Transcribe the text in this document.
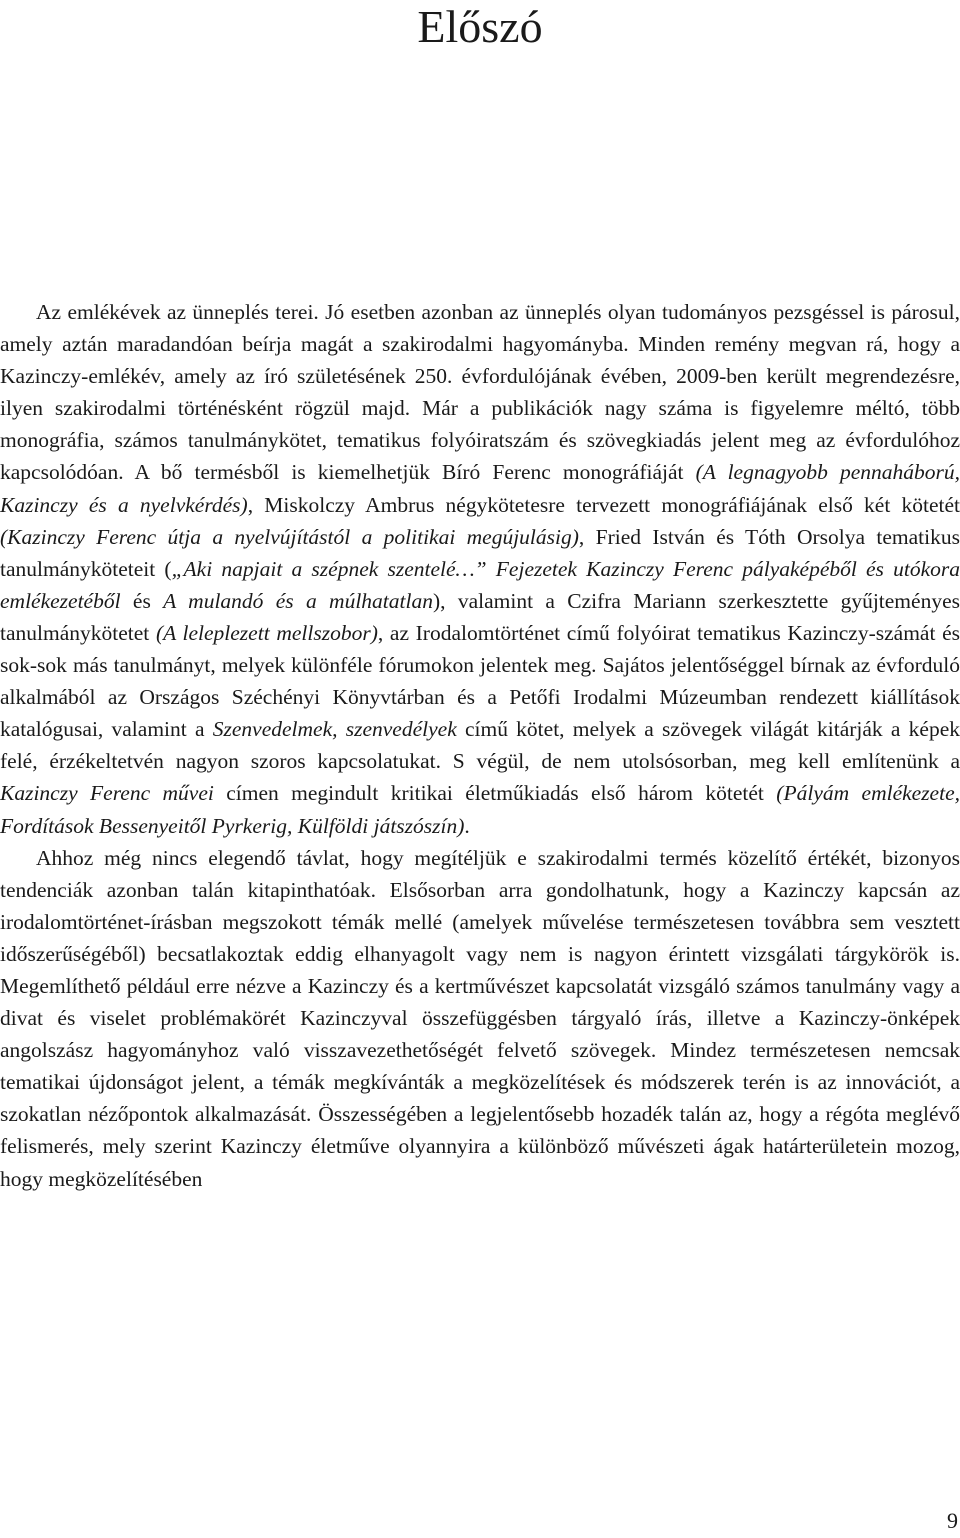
Előszó

Az emlékévek az ünneplés terei. Jó esetben azonban az ünneplés olyan tudományos pezsgéssel is párosul, amely aztán maradandóan beírja magát a szakirodalmi hagyományba. Minden remény megvan rá, hogy a Kazinczy-emlékév, amely az író születésének 250. évfordulójának évében, 2009-ben került megrendezésre, ilyen szakirodalmi történésként rögzül majd. Már a publikációk nagy száma is figyelemre méltó, több monográfia, számos tanulmánykötet, tematikus folyóiratszám és szövegkiadás jelent meg az évfordulóhoz kapcsolódóan. A bő termésből is kiemelhetjük Bíró Ferenc monográfiáját (A legnagyobb pennaháború, Kazinczy és a nyelvkérdés), Miskolczy Ambrus négykötetesre tervezett monográfiájának első két kötetét (Kazinczy Ferenc útja a nyelvújítástól a politikai megújulásig), Fried István és Tóth Orsolya tematikus tanulmányköteteit („Aki napjait a szépnek szentelé…” Fejezetek Kazinczy Ferenc pályaképéből és utókora emlékezetéből és A mulandó és a múlhatatlan), valamint a Czifra Mariann szerkesztette gyűjteményes tanulmánykötetet (A leleplezett mellszobor), az Irodalomtörténet című folyóirat tematikus Kazinczy-számát és sok-sok más tanulmányt, melyek különféle fórumokon jelentek meg. Sajátos jelentőséggel bírnak az évforduló alkalmából az Országos Széchényi Könyvtárban és a Petőfi Irodalmi Múzeumban rendezett kiállítások katalógusai, valamint a Szenvedelmek, szenvedélyek című kötet, melyek a szövegek világát kitárják a képek felé, érzékeltetvén nagyon szoros kapcsolatukat. S végül, de nem utolsósorban, meg kell említenünk a Kazinczy Ferenc művei címen megindult kritikai életműkiadás első három kötetét (Pályám emlékezete, Fordítások Bessenyeitől Pyrkerig, Külföldi játszószín).

Ahhoz még nincs elegendő távlat, hogy megítéljük e szakirodalmi termés közelítő értékét, bizonyos tendenciák azonban talán kitapinthatóak. Elsősorban arra gondolhatunk, hogy a Kazinczy kapcsán az irodalomtörténet-írásban megszokott témák mellé (amelyek művelése természetesen továbbra sem vesztett időszerűségéből) becsatlakoztak eddig elhanyagolt vagy nem is nagyon érintett vizsgálati tárgykörök is. Megemlíthető például erre nézve a Kazinczy és a kertművészet kapcsolatát vizsgáló számos tanulmány vagy a divat és viselet problémakörét Kazinczyval összefüggésben tárgyaló írás, illetve a Kazinczy-önképek angolszász hagyományhoz való visszavezethetőségét felvető szövegek. Mindez természetesen nemcsak tematikai újdonságot jelent, a témák megkívánták a megközelítések és módszerek terén is az innovációt, a szokatlan nézőpontok alkalmazását. Összességében a legjelentősebb hozadék talán az, hogy a régóta meglévő felismerés, mely szerint Kazinczy életműve olyannyira a különböző művészeti ágak határterületein mozog, hogy megközelítésében

9
